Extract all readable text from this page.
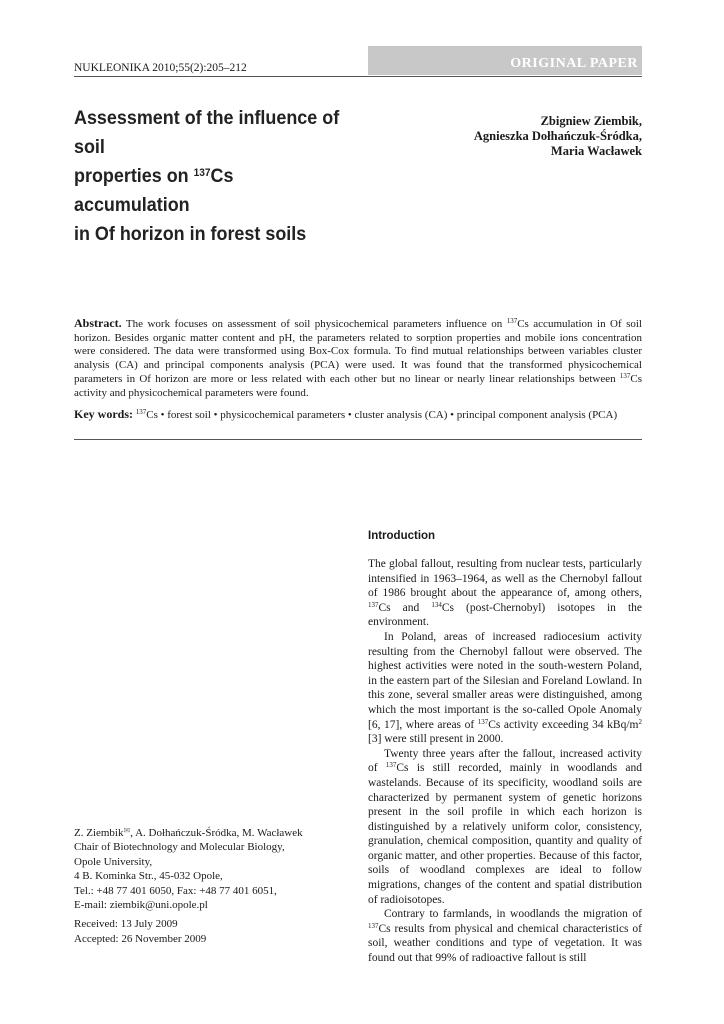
NUKLEONIKA 2010;55(2):205–212	ORIGINAL PAPER
Assessment of the influence of soil
properties on $^{137}$Cs accumulation
in Of horizon in forest soils
Zbigniew Ziembik,
Agnieszka Dołhańczuk-Śródka,
Maria Wacławek
Abstract. The work focuses on assessment of soil physicochemical parameters influence on $^{137}$Cs accumulation in Of soil horizon. Besides organic matter content and pH, the parameters related to sorption properties and mobile ions concentration were considered. The data were transformed using Box-Cox formula. To find mutual relationships between variables cluster analysis (CA) and principal components analysis (PCA) were used. It was found that the transformed physicochemical parameters in Of horizon are more or less related with each other but no linear or nearly linear relationships between $^{137}$Cs activity and physicochemical parameters were found.
Key words: $^{137}$Cs • forest soil • physicochemical parameters • cluster analysis (CA) • principal component analysis (PCA)
Introduction

The global fallout, resulting from nuclear tests, particularly intensified in 1963–1964, as well as the Chernobyl fallout of 1986 brought about the appearance of, among others, $^{137}$Cs and $^{134}$Cs (post-Chernobyl) isotopes in the environment.

In Poland, areas of increased radiocesium activity resulting from the Chernobyl fallout were observed. The highest activities were noted in the south-western Poland, in the eastern part of the Silesian and Foreland Lowland. In this zone, several smaller areas were distinguished, among which the most important is the so-called Opole Anomaly [6, 17], where areas of $^{137}$Cs activity exceeding 34 kBq/$m^2$ [3] were still present in 2000.

Twenty three years after the fallout, increased activity of $^{137}$Cs is still recorded, mainly in woodlands and wastelands. Because of its specificity, woodland soils are characterized by permanent system of genetic horizons present in the soil profile in which each horizon is distinguished by a relatively uniform color, consistency, granulation, chemical composition, quantity and quality of organic matter, and other properties. Because of this factor, soils of woodland complexes are ideal to follow migrations, changes of the content and spatial distribution of radioisotopes.

Contrary to farmlands, in woodlands the migration of $^{137}$Cs results from physical and chemical characteristics of soil, weather conditions and type of vegetation. It was found out that 99% of radioactive fallout is still

Z. Ziembik✉, A. Dołhańczuk-Śródka, M. Wacławek
Chair of Biotechnology and Molecular Biology,
Opole University,
4 B. Kominka Str., 45-032 Opole,
Tel.: +48 77 401 6050, Fax: +48 77 401 6051,
E-mail: ziembik@uni.opole.pl
Received: 13 July 2009
Accepted: 26 November 2009
